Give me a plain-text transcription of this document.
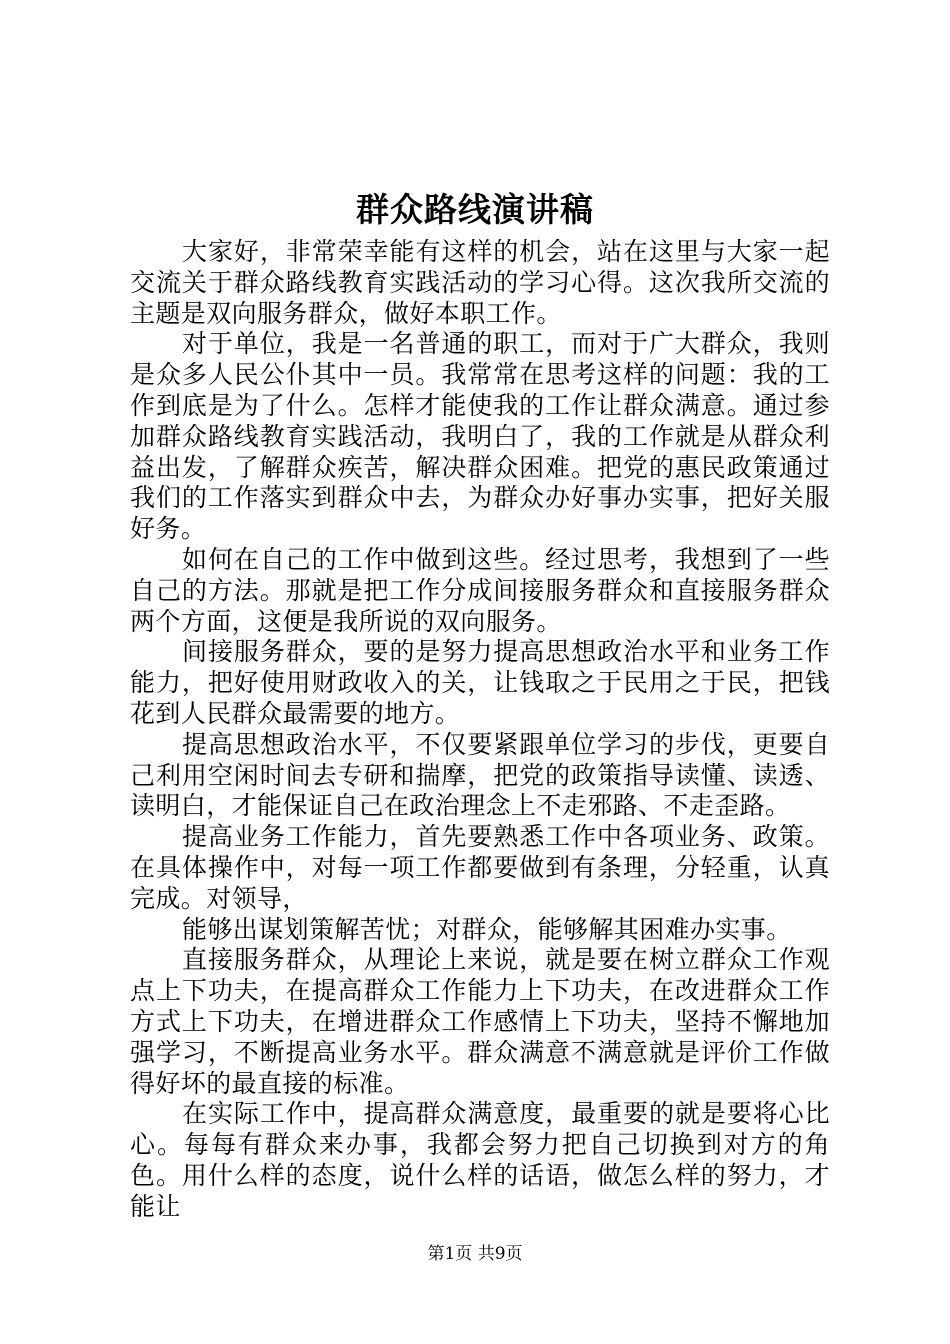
群众路线演讲稿

大家好，非常荣幸能有这样的机会，站在这里与大家一起交流关于群众路线教育实践活动的学习心得。这次我所交流的主题是双向服务群众，做好本职工作。

对于单位，我是一名普通的职工，而对于广大群众，我则是众多人民公仆其中一员。我常常在思考这样的问题：我的工作到底是为了什么。怎样才能使我的工作让群众满意。通过参加群众路线教育实践活动，我明白了，我的工作就是从群众利益出发，了解群众疾苦，解决群众困难。把党的惠民政策通过我们的工作落实到群众中去，为群众办好事办实事，把好关服好务。

如何在自己的工作中做到这些。经过思考，我想到了一些自己的方法。那就是把工作分成间接服务群众和直接服务群众两个方面，这便是我所说的双向服务。

间接服务群众，要的是努力提高思想政治水平和业务工作能力，把好使用财政收入的关，让钱取之于民用之于民，把钱花到人民群众最需要的地方。

提高思想政治水平，不仅要紧跟单位学习的步伐，更要自己利用空闲时间去专研和揣摩，把党的政策指导读懂、读透、读明白，才能保证自己在政治理念上不走邪路、不走歪路。

提高业务工作能力，首先要熟悉工作中各项业务、政策。在具体操作中，对每一项工作都要做到有条理，分轻重，认真完成。对领导，

能够出谋划策解苦忧；对群众，能够解其困难办实事。

直接服务群众，从理论上来说，就是要在树立群众工作观点上下功夫，在提高群众工作能力上下功夫，在改进群众工作方式上下功夫，在增进群众工作感情上下功夫，坚持不懈地加强学习，不断提高业务水平。群众满意不满意就是评价工作做得好坏的最直接的标准。

在实际工作中，提高群众满意度，最重要的就是要将心比心。每每有群众来办事，我都会努力把自己切换到对方的角色。用什么样的态度，说什么样的话语，做怎么样的努力，才能让

第1页 共9页
